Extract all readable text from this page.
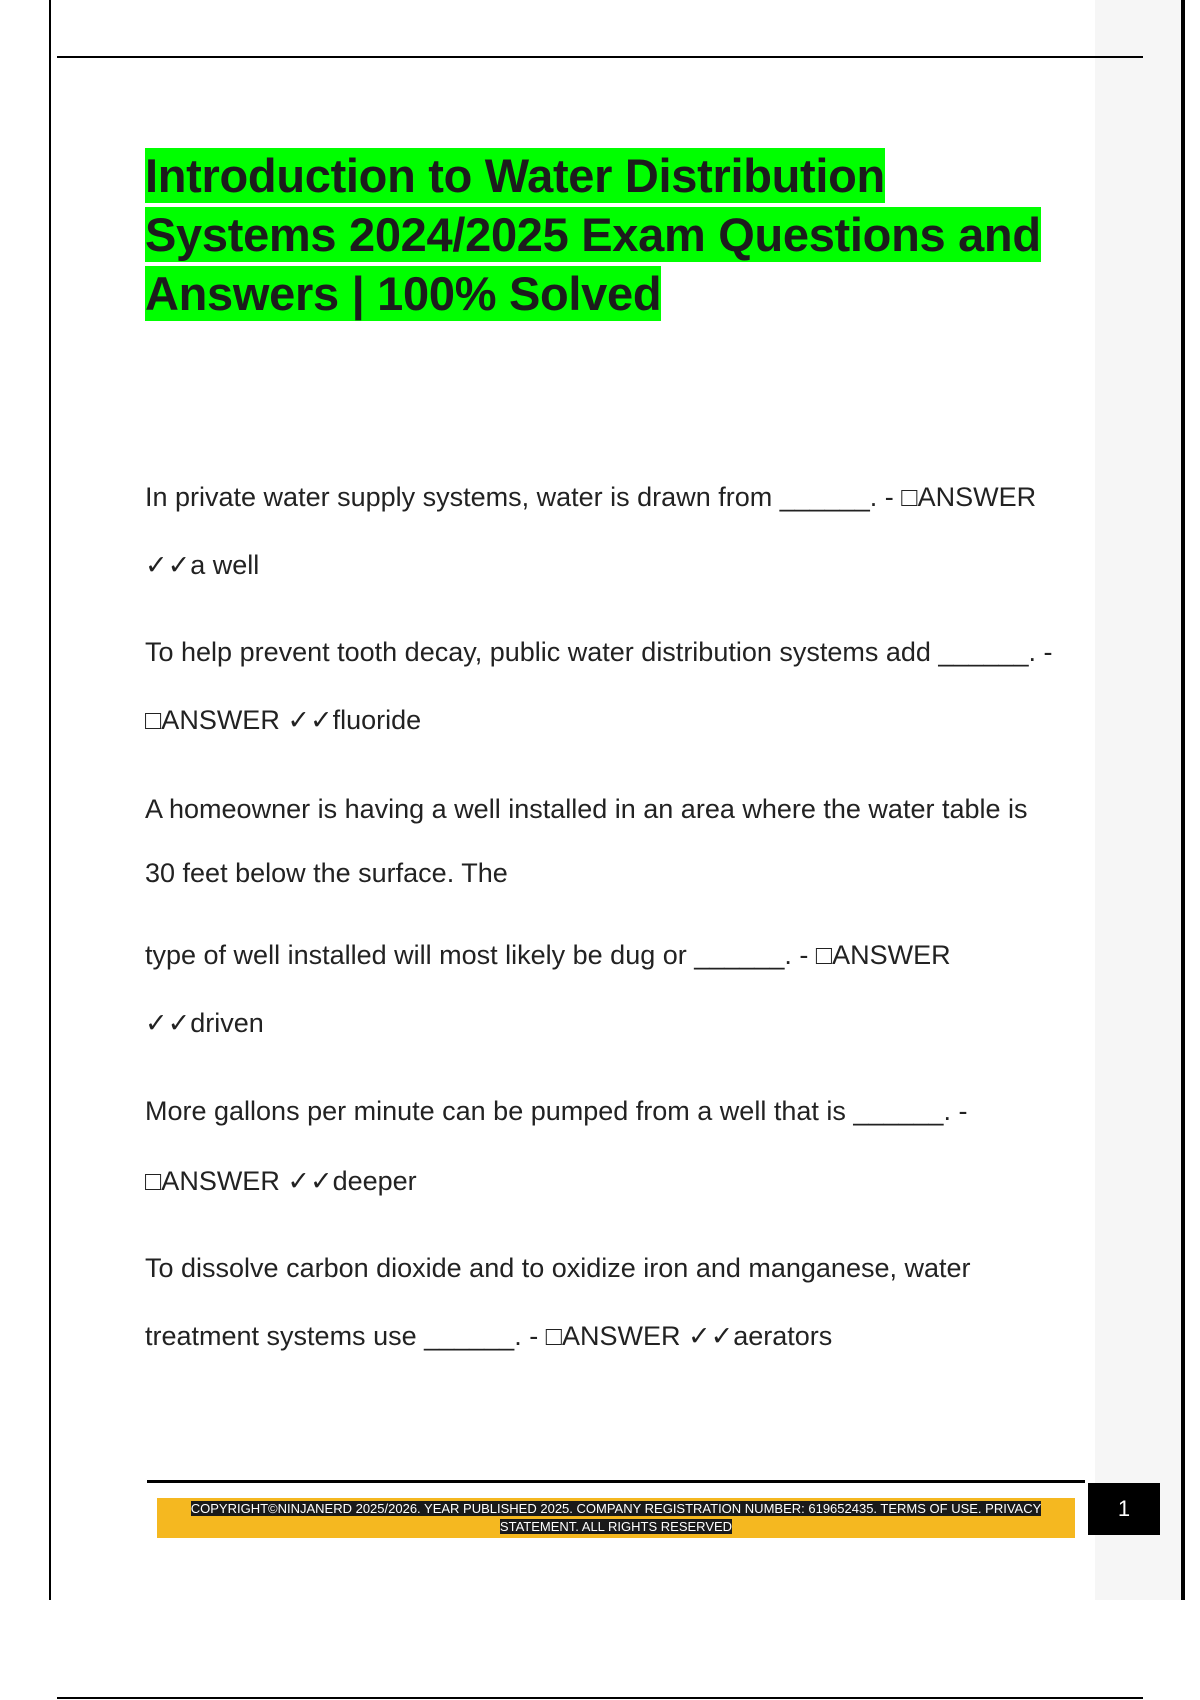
Introduction to Water Distribution
Systems 2024/2025 Exam Questions and
Answers | 100% Solved

In private water supply systems, water is drawn from ______. - □ANSWER

✓✓a well

To help prevent tooth decay, public water distribution systems add ______. -

□ANSWER ✓✓fluoride

A homeowner is having a well installed in an area where the water table is

30 feet below the surface. The

type of well installed will most likely be dug or ______. - □ANSWER

✓✓driven

More gallons per minute can be pumped from a well that is ______. -

□ANSWER ✓✓deeper

To dissolve carbon dioxide and to oxidize iron and manganese, water

treatment systems use ______. - □ANSWER ✓✓aerators

COPYRIGHT©NINJANERD 2025/2026. YEAR PUBLISHED 2025. COMPANY REGISTRATION NUMBER: 619652435. TERMS OF USE. PRIVACY
STATEMENT. ALL RIGHTS RESERVED
1
